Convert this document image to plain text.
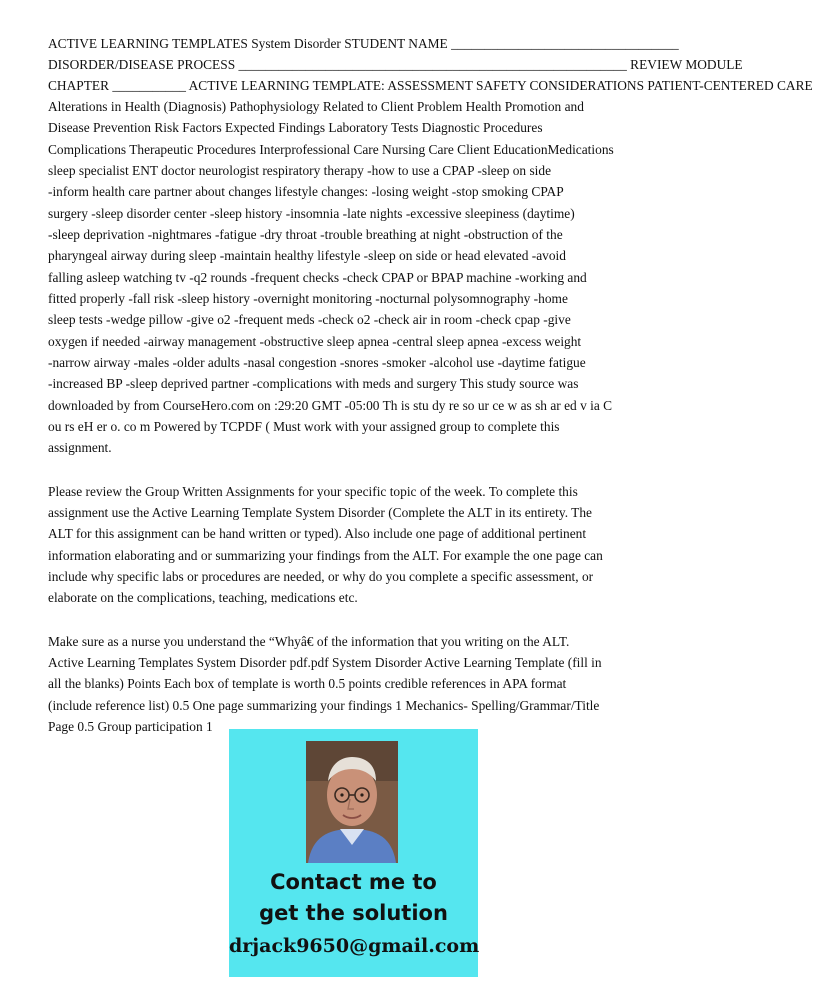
ACTIVE LEARNING TEMPLATES System Disorder STUDENT NAME __________________________________
DISORDER/DISEASE PROCESS __________________________________________________________ REVIEW MODULE
CHAPTER ___________ ACTIVE LEARNING TEMPLATE: ASSESSMENT SAFETY CONSIDERATIONS PATIENT-CENTERED CARE
Alterations in Health (Diagnosis) Pathophysiology Related to Client Problem Health Promotion and
Disease Prevention Risk Factors Expected Findings Laboratory Tests Diagnostic Procedures
Complications Therapeutic Procedures Interprofessional Care Nursing Care Client EducationMedications
sleep specialist ENT doctor neurologist respiratory therapy -how to use a CPAP -sleep on side
-inform health care partner about changes lifestyle changes: -losing weight -stop smoking CPAP
surgery -sleep disorder center -sleep history -insomnia -late nights -excessive sleepiness (daytime)
-sleep deprivation -nightmares -fatigue -dry throat -trouble breathing at night -obstruction of the
pharyngeal airway during sleep -maintain healthy lifestyle -sleep on side or head elevated -avoid
falling asleep watching tv -q2 rounds -frequent checks -check CPAP or BPAP machine -working and
fitted properly -fall risk -sleep history -overnight monitoring -nocturnal polysomnography -home
sleep tests -wedge pillow -give o2 -frequent meds -check o2 -check air in room -check cpap -give
oxygen if needed -airway management -obstructive sleep apnea -central sleep apnea -excess weight
-narrow airway -males -older adults -nasal congestion -snores -smoker -alcohol use -daytime fatigue
-increased BP -sleep deprived partner -complications with meds and surgery This study source was
downloaded by from CourseHero.com on :29:20 GMT -05:00 Th is stu dy re so ur ce w as sh ar ed v ia C
ou rs eH er o. co m Powered by TCPDF ( Must work with your assigned group to complete this
assignment.
Please review the Group Written Assignments for your specific topic of the week. To complete this
assignment use the Active Learning Template System Disorder (Complete the ALT in its entirety. The
ALT for this assignment can be hand written or typed). Also include one page of additional pertinent
information elaborating and or summarizing your findings from the ALT. For example the one page can
include why specific labs or procedures are needed, or why do you complete a specific assessment, or
elaborate on the complications, teaching, medications etc.
Make sure as a nurse you understand the “Whyâ€ of the information that you writing on the ALT.
Active Learning Templates System Disorder pdf.pdf System Disorder Active Learning Template (fill in
all the blanks) Points Each box of template is worth 0.5 points credible references in APA format
(include reference list) 0.5 One page summarizing your findings 1 Mechanics- Spelling/Grammar/Title
Page 0.5 Group participation 1
Contact me to
get the solution
drjack9650@gmail.com
